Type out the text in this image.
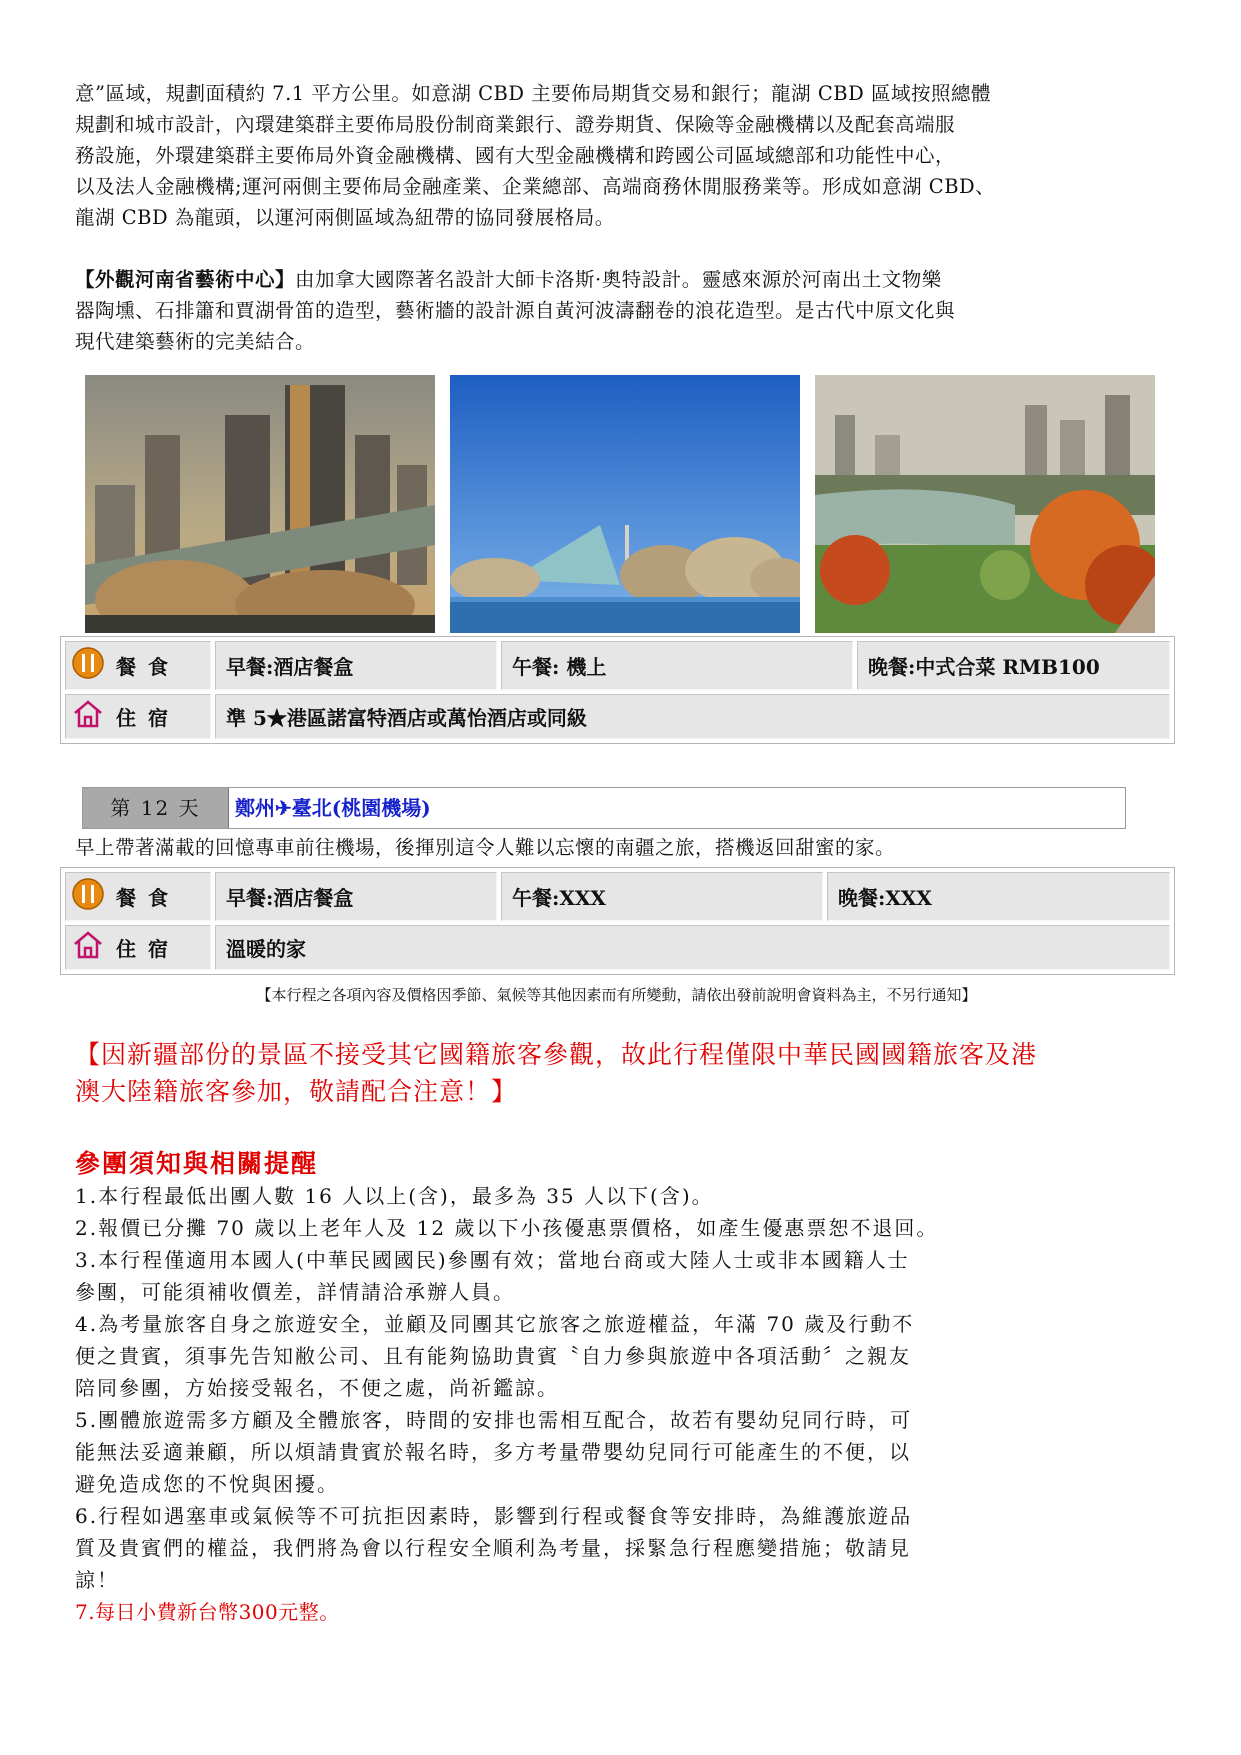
意”區域，規劃面積約 7.1 平方公里。如意湖 CBD 主要佈局期貨交易和銀行；龍湖 CBD 區域按照總體
規劃和城市設計，內環建築群主要佈局股份制商業銀行、證券期貨、保險等金融機構以及配套高端服
務設施，外環建築群主要佈局外資金融機構、國有大型金融機構和跨國公司區域總部和功能性中心，
以及法人金融機構;運河兩側主要佈局金融產業、企業總部、高端商務休閒服務業等。形成如意湖 CBD、
龍湖 CBD 為龍頭，以運河兩側區域為紐帶的協同發展格局。
【外觀河南省藝術中心】由加拿大國際著名設計大師卡洛斯·奧特設計。靈感來源於河南出土文物樂
器陶壎、石排簫和賈湖骨笛的造型，藝術牆的設計源自黃河波濤翻卷的浪花造型。是古代中原文化與
現代建築藝術的完美結合。
餐食	早餐:酒店餐盒	午餐: 機上	晚餐:中式合菜 RMB100
住宿	準 5★港區諾富特酒店或萬怡酒店或同級		
第 12 天	鄭州✈臺北(桃園機場)
早上帶著滿載的回憶專車前往機場，後揮別這令人難以忘懷的南疆之旅，搭機返回甜蜜的家。
餐食	早餐:酒店餐盒	午餐:XXX	晚餐:XXX
住宿	溫暖的家		
【本行程之各項內容及價格因季節、氣候等其他因素而有所變動，請依出發前說明會資料為主，不另行通知】
【因新疆部份的景區不接受其它國籍旅客參觀，故此行程僅限中華民國國籍旅客及港
澳大陸籍旅客參加，敬請配合注意！】
參團須知與相關提醒
1.本行程最低出團人數 16 人以上(含)，最多為 35 人以下(含)。
2.報價已分攤 70 歲以上老年人及 12 歲以下小孩優惠票價格，如產生優惠票恕不退回。
3.本行程僅適用本國人(中華民國國民)參團有效；當地台商或大陸人士或非本國籍人士
參團，可能須補收價差，詳情請洽承辦人員。
4.為考量旅客自身之旅遊安全，並顧及同團其它旅客之旅遊權益，年滿 70 歲及行動不
便之貴賓，須事先告知敝公司、且有能夠協助貴賓〝自力參與旅遊中各項活動〞之親友
陪同參團，方始接受報名，不便之處，尚祈鑑諒。
5.團體旅遊需多方顧及全體旅客，時間的安排也需相互配合，故若有嬰幼兒同行時，可
能無法妥適兼顧，所以煩請貴賓於報名時，多方考量帶嬰幼兒同行可能產生的不便，以
避免造成您的不悅與困擾。
6.行程如遇塞車或氣候等不可抗拒因素時，影響到行程或餐食等安排時，為維護旅遊品
質及貴賓們的權益，我們將為會以行程安全順利為考量，採緊急行程應變措施；敬請見
諒！
7.每日小費新台幣300元整。
